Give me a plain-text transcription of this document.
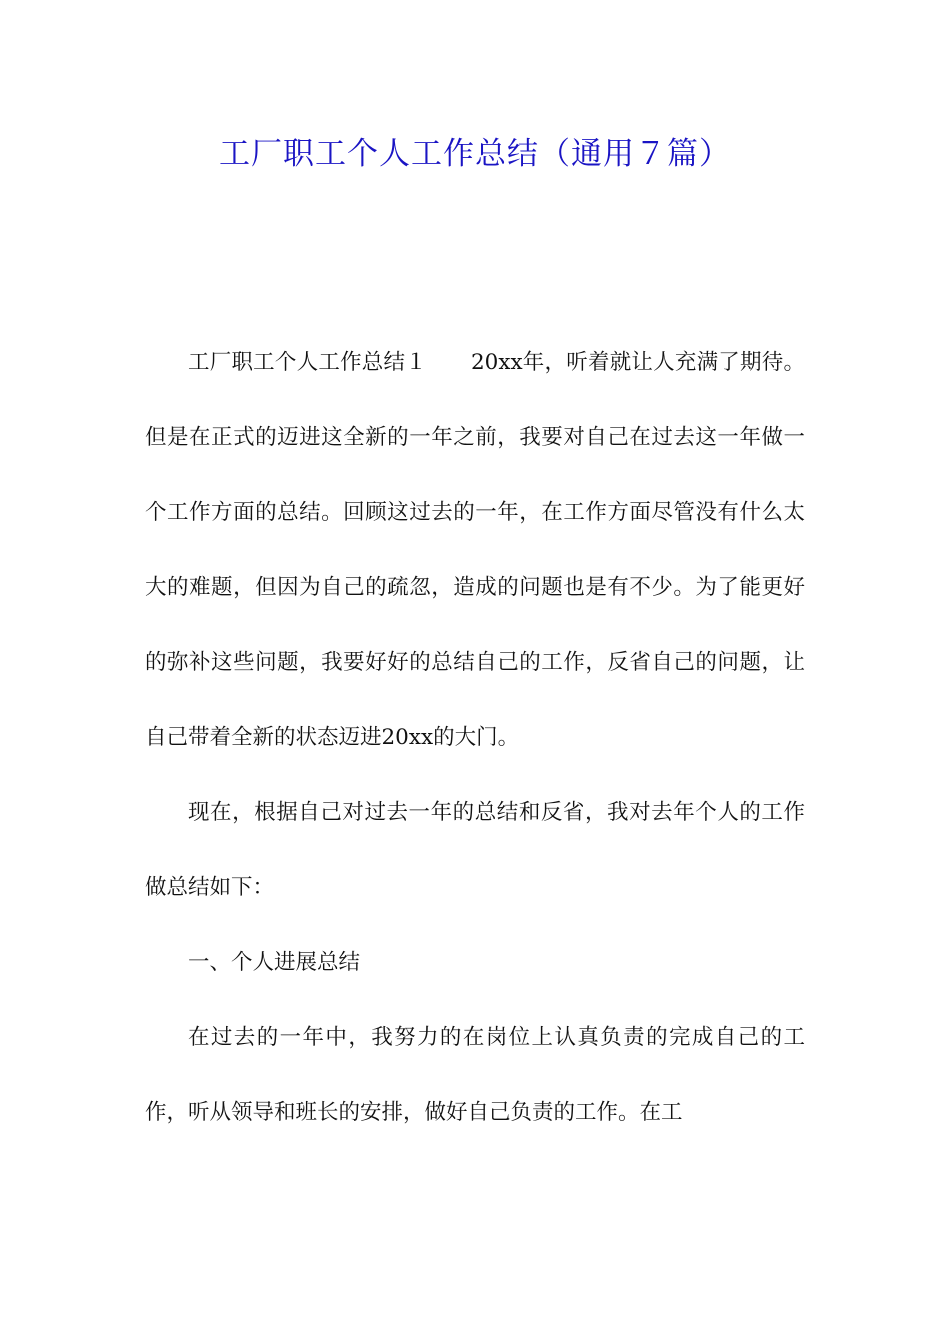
工厂职工个人工作总结（通用７篇）

工厂职工个人工作总结１ 20xx年，听着就让人充满了期待。但是在正式的迈进这全新的一年之前，我要对自己在过去这一年做一个工作方面的总结。回顾这过去的一年，在工作方面尽管没有什么太大的难题，但因为自己的疏忽，造成的问题也是有不少。为了能更好的弥补这些问题，我要好好的总结自己的工作，反省自己的问题，让自己带着全新的状态迈进20xx的大门。

现在，根据自己对过去一年的总结和反省，我对去年个人的工作做总结如下：

一、个人进展总结

在过去的一年中，我努力的在岗位上认真负责的完成自己的工作，听从领导和班长的安排，做好自己负责的工作。在工
